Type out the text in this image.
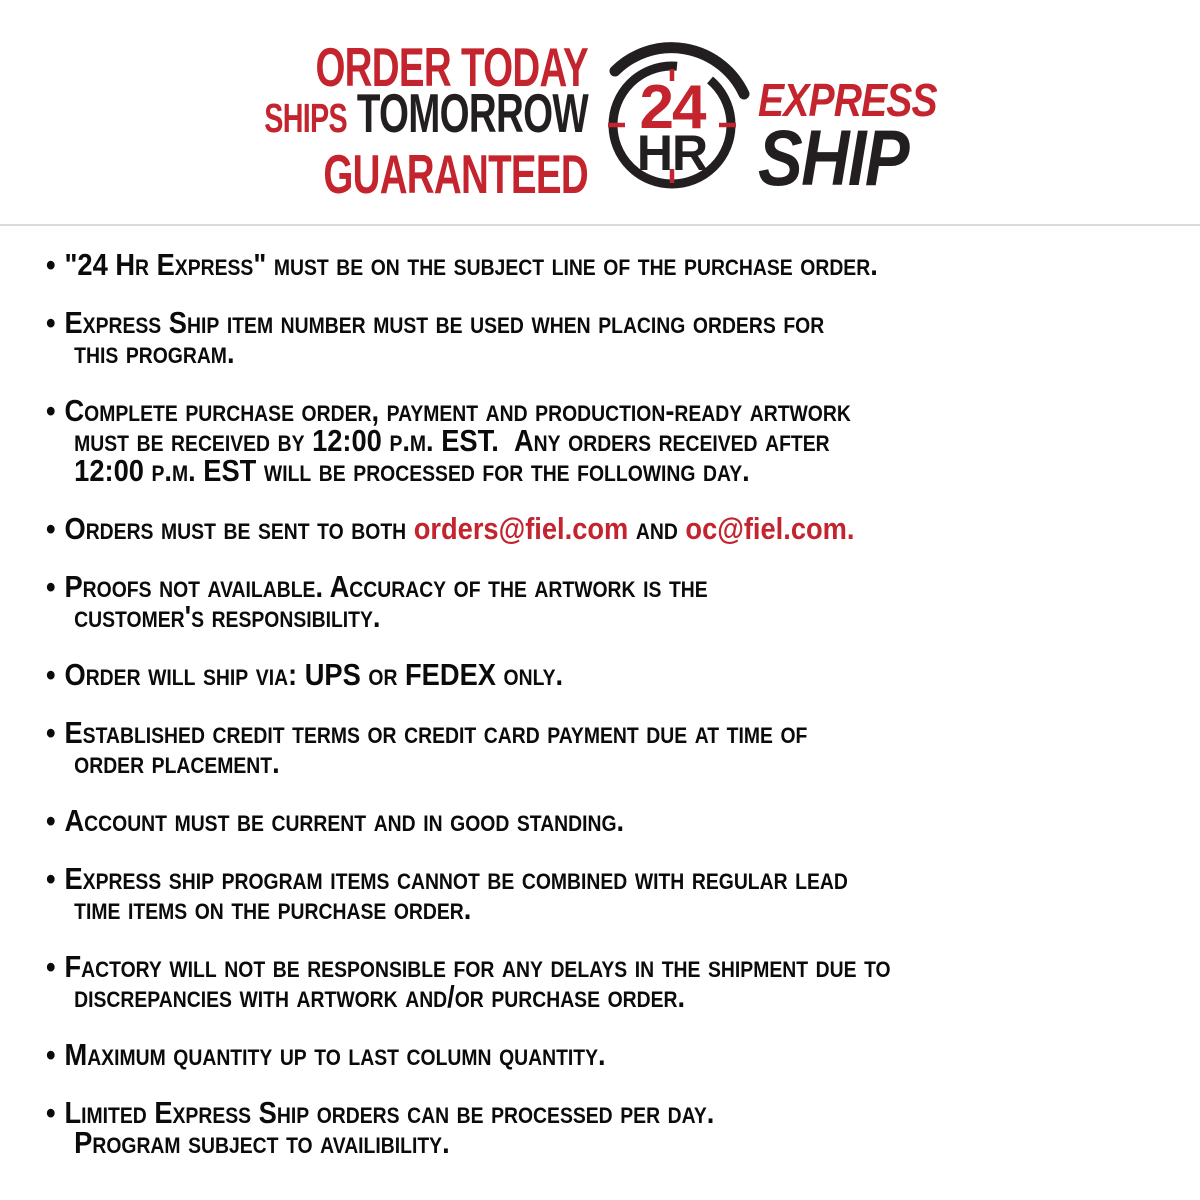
ORDER TODAY
SHIPS TOMORROW
GUARANTEED
24
HR
EXPRESS
SHIP
• "24 Hr Express" must be on the subject line of the purchase order.
• Express Ship item number must be used when placing orders for
this program.
• Complete purchase order, payment and production-ready artwork
must be received by 12:00 p.m. EST.  Any orders received after
12:00 p.m. EST will be processed for the following day.
• Orders must be sent to both orders@fiel.com and oc@fiel.com.
• Proofs not available. Accuracy of the artwork is the
customer's responsibility.
• Order will ship via: UPS or FEDEX only.
• Established credit terms or credit card payment due at time of
order placement.
• Account must be current and in good standing.
• Express ship program items cannot be combined with regular lead
time items on the purchase order.
• Factory will not be responsible for any delays in the shipment due to
discrepancies with artwork and/or purchase order.
• Maximum quantity up to last column quantity.
• Limited Express Ship orders can be processed per day.
Program subject to availibility.
